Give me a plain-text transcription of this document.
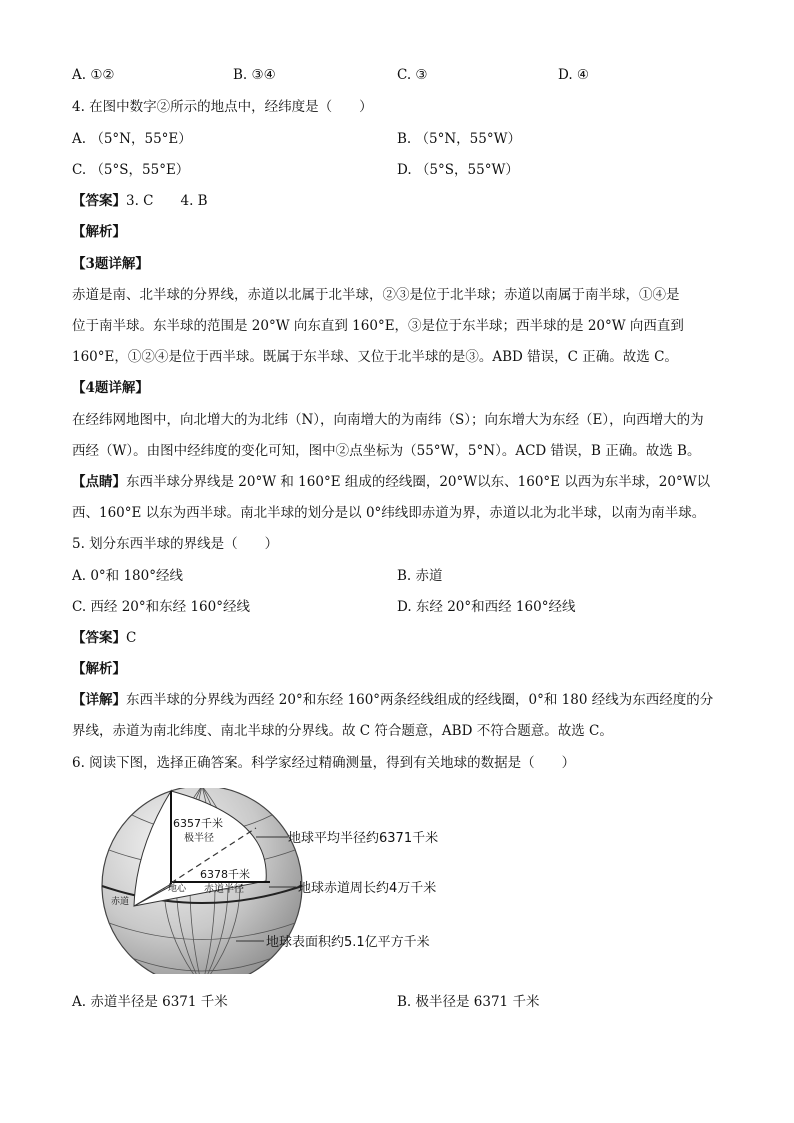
A. ①②	B. ③④	C. ③	D. ④
4. 在图中数字②所示的地点中，经纬度是（　　）
A. （5°N，55°E）	B. （5°N，55°W）
C. （5°S，55°E）	D. （5°S，55°W）
【答案】3. C　　4. B
【解析】
【3题详解】
赤道是南、北半球的分界线，赤道以北属于北半球，②③是位于北半球；赤道以南属于南半球，①④是
位于南半球。东半球的范围是 20°W 向东直到 160°E，③是位于东半球；西半球的是 20°W 向西直到
160°E，①②④是位于西半球。既属于东半球、又位于北半球的是③。ABD 错误，C 正确。故选 C。
【4题详解】
在经纬网地图中，向北增大的为北纬（N），向南增大的为南纬（S）；向东增大为东经（E），向西增大的为
西经（W）。由图中经纬度的变化可知，图中②点坐标为（55°W，5°N）。ACD 错误，B 正确。故选 B。
【点睛】东西半球分界线是 20°W 和 160°E 组成的经线圈，20°W以东、160°E 以西为东半球，20°W以
西、160°E 以东为西半球。南北半球的划分是以 0°纬线即赤道为界，赤道以北为北半球，以南为南半球。
5. 划分东西半球的界线是（　　）
A. 0°和 180°经线	B. 赤道
C. 西经 20°和东经 160°经线	D. 东经 20°和西经 160°经线
【答案】C
【解析】
【详解】东西半球的分界线为西经 20°和东经 160°两条经线组成的经线圈，0°和 180 经线为东西经度的分
界线，赤道为南北纬度、南北半球的分界线。故 C 符合题意，ABD 不符合题意。故选 C。
6. 阅读下图，选择正确答案。科学家经过精确测量，得到有关地球的数据是（　　）
6357千米
极半径
6378千米
赤道半径
地心
赤道
地球平均半径约6371千米
地球赤道周长约4万千米
地球表面积约5.1亿平方千米
A. 赤道半径是 6371 千米	B. 极半径是 6371 千米
